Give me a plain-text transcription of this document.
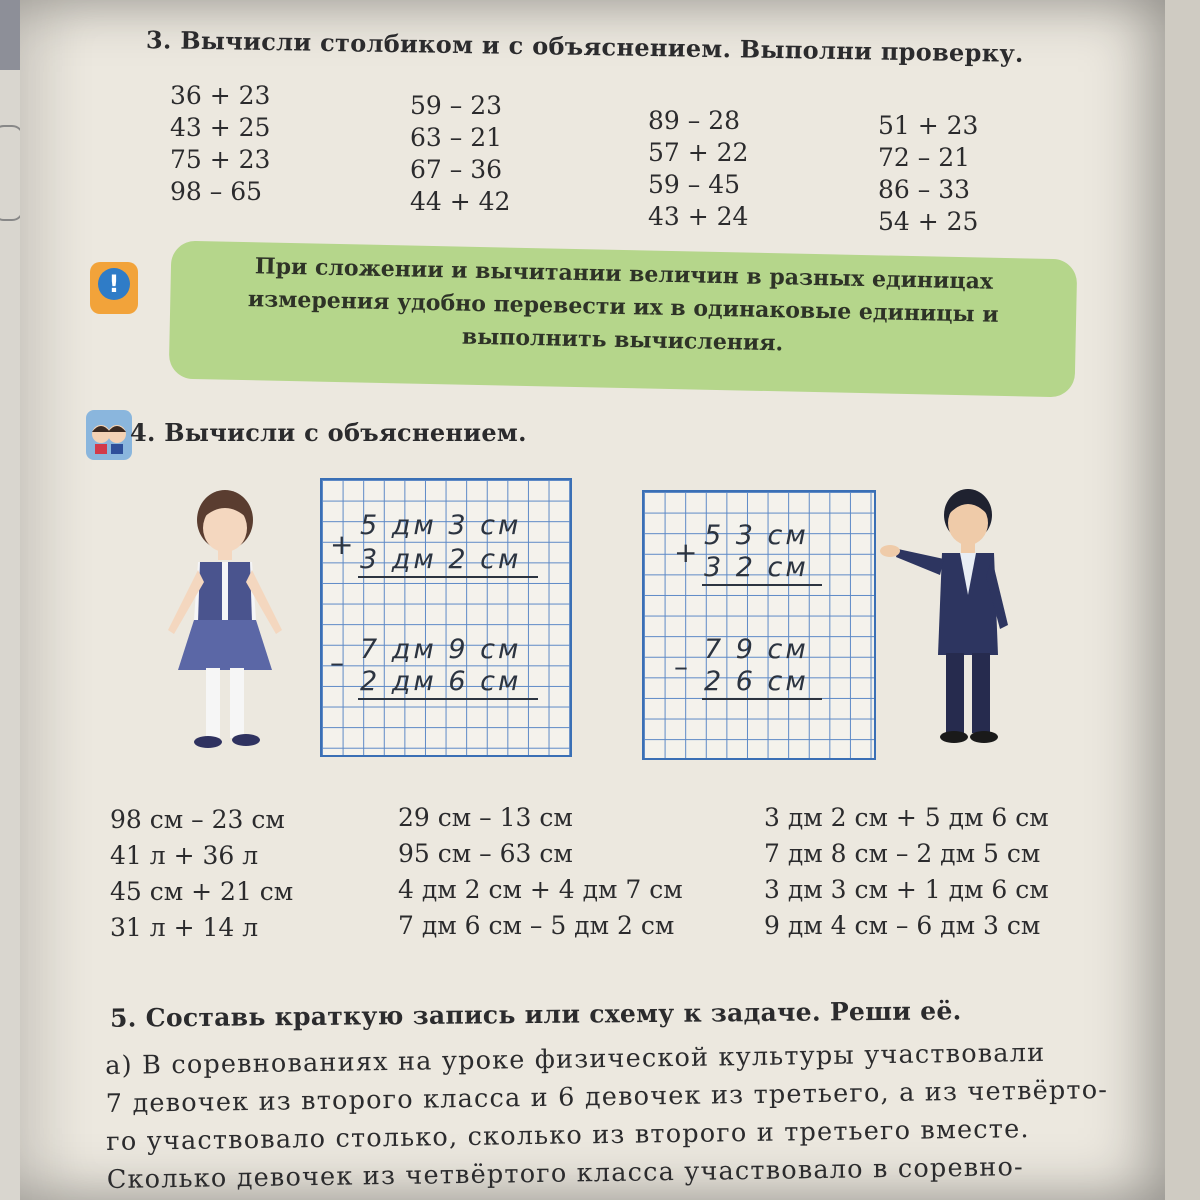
3. Вычисли столбиком и с объяснением. Выполни проверку.
36 + 23
43 + 25
75 + 23
98 – 65
59 – 23
63 – 21
67 – 36
44 + 42
89 – 28
57 + 22
59 – 45
43 + 24
51 + 23
72 – 21
86 – 33
54 + 25
!	При сложении и вычитании величин в разных единицах
измерения удобно перевести их в одинаковые единицы и
выполнить вычисления.
4. Вычисли с объяснением.
+
5 дм 3 см
3 дм 2 см
– 7 дм 9 см
2 дм 6 см
+
5 3 см
3 2 см
–
7 9 см
2 6 см
98 см – 23 см
41 л + 36 л
45 см + 21 см
31 л + 14 л
29 см – 13 см
95 см – 63 см
4 дм 2 см + 4 дм 7 см
7 дм 6 см – 5 дм 2 см
3 дм 2 см + 5 дм 6 см
7 дм 8 см – 2 дм 5 см
3 дм 3 см + 1 дм 6 см
9 дм 4 см – 6 дм 3 см
5. Составь краткую запись или схему к задаче. Реши её.
а) В соревнованиях на уроке физической культуры участвовали
7 девочек из второго класса и 6 девочек из третьего, а из четвёрто-
го участвовало столько, сколько из второго и третьего вместе.
Сколько девочек из четвёртого класса участвовало в соревно-
